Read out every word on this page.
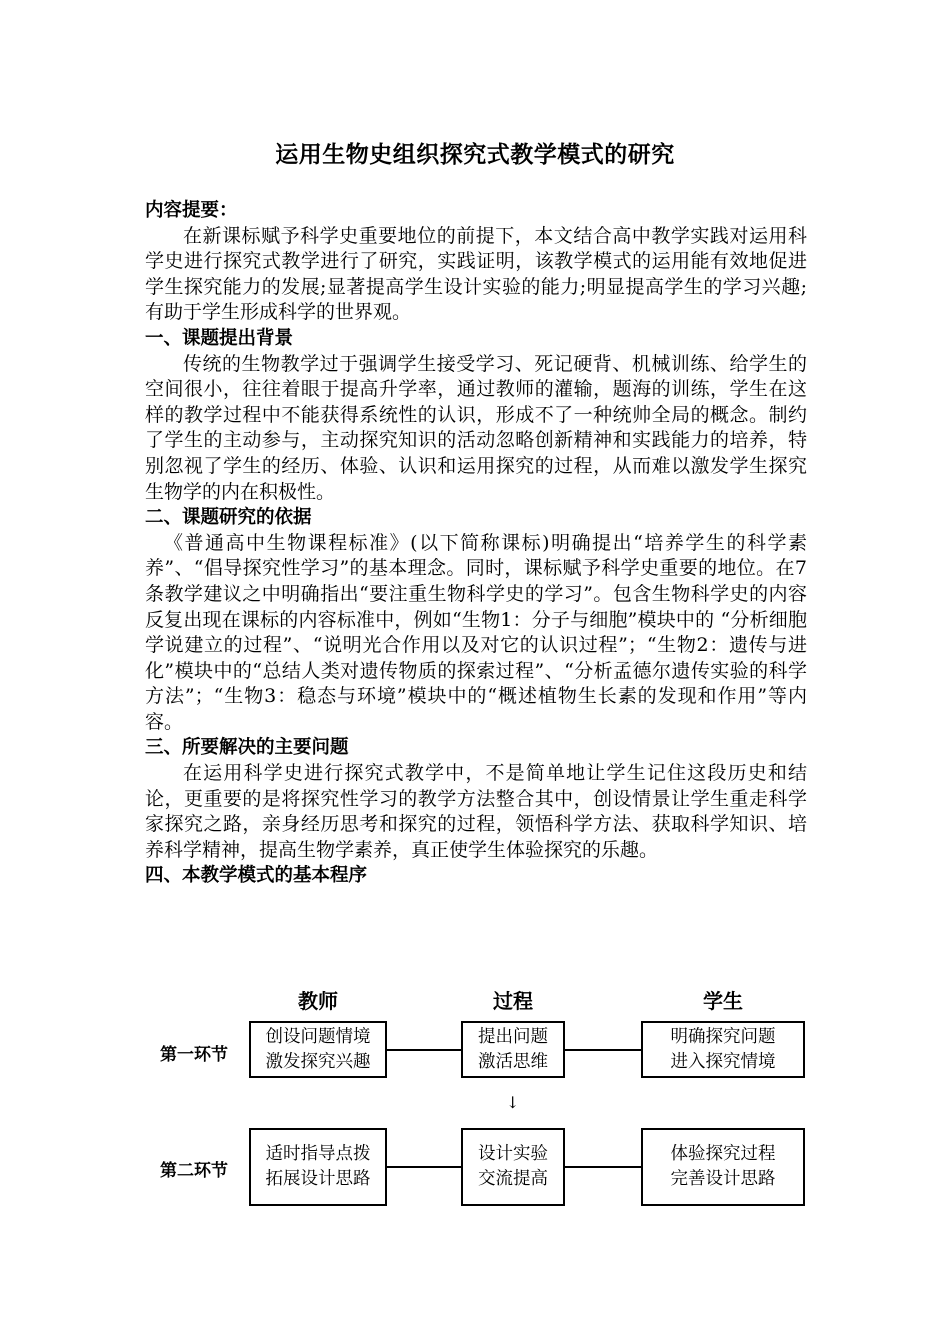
运用生物史组织探究式教学模式的研究
内容提要：

在新课标赋予科学史重要地位的前提下，本文结合高中教学实践对运用科学史进行探究式教学进行了研究，实践证明，该教学模式的运用能有效地促进学生探究能力的发展;显著提高学生设计实验的能力;明显提高学生的学习兴趣;有助于学生形成科学的世界观。

一、课题提出背景

传统的生物教学过于强调学生接受学习、死记硬背、机械训练、给学生的空间很小，往往着眼于提高升学率，通过教师的灌输，题海的训练，学生在这样的教学过程中不能获得系统性的认识，形成不了一种统帅全局的概念。制约了学生的主动参与，主动探究知识的活动忽略创新精神和实践能力的培养，特别忽视了学生的经历、体验、认识和运用探究的过程，从而难以激发学生探究生物学的内在积极性。

二、课题研究的依据

《普通高中生物课程标准》(以下简称课标)明确提出“培养学生的科学素养”、“倡导探究性学习”的基本理念。同时，课标赋予科学史重要的地位。在7条教学建议之中明确指出“要注重生物科学史的学习”。包含生物科学史的内容反复出现在课标的内容标准中，例如“生物1：分子与细胞”模块中的 “分析细胞学说建立的过程”、“说明光合作用以及对它的认识过程”；“生物2：遗传与进化”模块中的“总结人类对遗传物质的探索过程”、“分析孟德尔遗传实验的科学方法”；“生物3：稳态与环境”模块中的“概述植物生长素的发现和作用”等内容。

三、所要解决的主要问题

在运用科学史进行探究式教学中，不是简单地让学生记住这段历史和结论，更重要的是将探究性学习的教学方法整合其中，创设情景让学生重走科学家探究之路，亲身经历思考和探究的过程，领悟科学方法、获取科学知识、培养科学精神，提高生物学素养，真正使学生体验探究的乐趣。

四、本教学模式的基本程序
教师	过程	学生
第一环节
创设问题情境
激发探究兴趣
提出问题
激活思维
明确探究问题
进入探究情境
↓
第二环节
适时指导点拨
拓展设计思路
设计实验
交流提高
体验探究过程
完善设计思路
